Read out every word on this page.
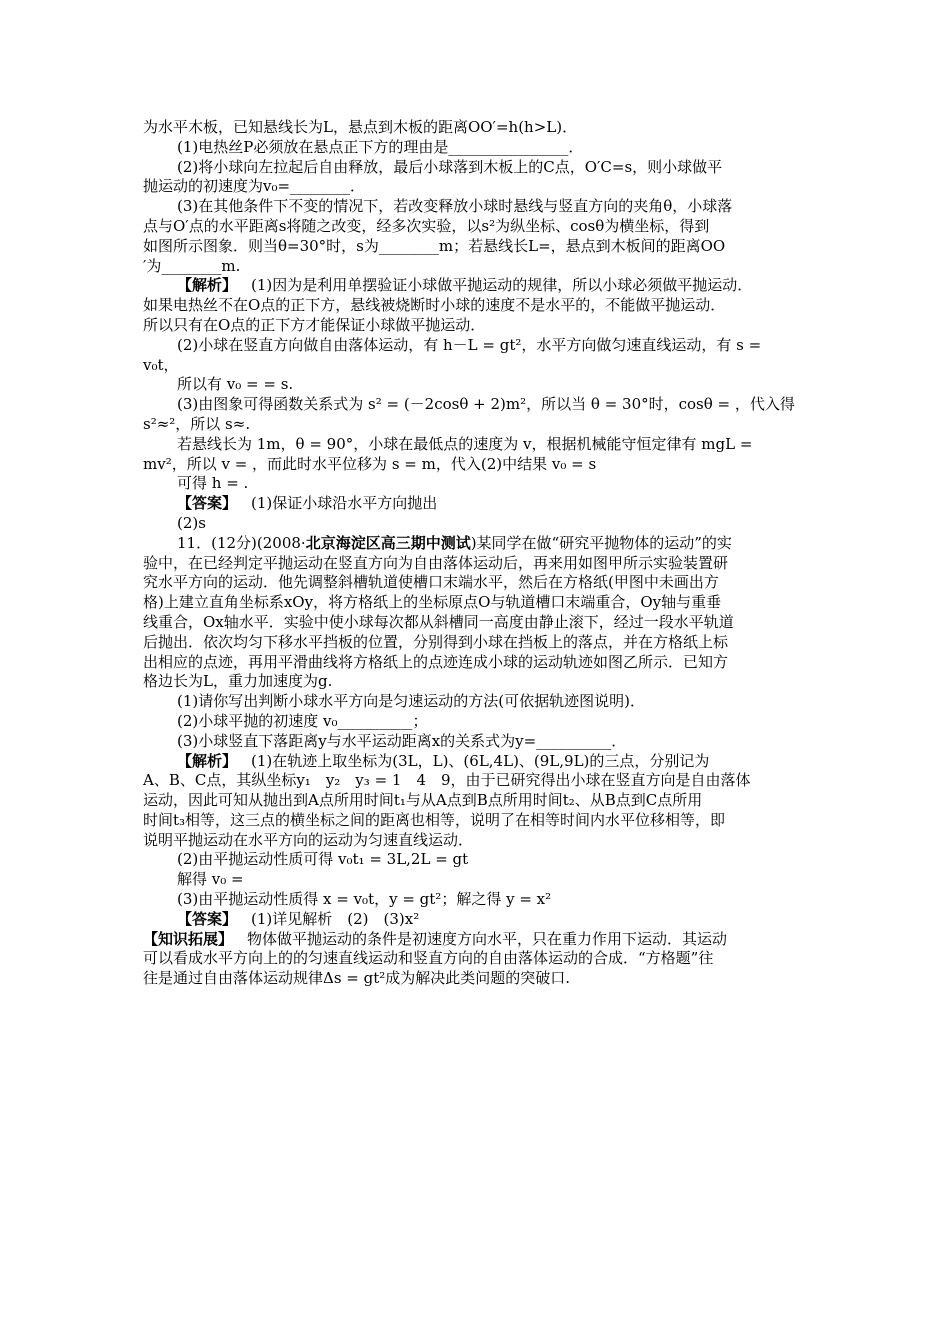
为水平木板，已知悬线长为L，悬点到木板的距离OO′=h(h>L)．

(1)电热丝P必须放在悬点正下方的理由是________________．

(2)将小球向左拉起后自由释放，最后小球落到木板上的C点，O′C=s，则小球做平

抛运动的初速度为v₀=________．

(3)在其他条件下不变的情况下，若改变释放小球时悬线与竖直方向的夹角θ，小球落

点与O′点的水平距离s将随之改变，经多次实验，以s²为纵坐标、cosθ为横坐标，得到

如图所示图象．则当θ=30°时，s为________m；若悬线长L=，悬点到木板间的距离OO

′为________m.

【解析】 (1)因为是利用单摆验证小球做平抛运动的规律，所以小球必须做平抛运动．

如果电热丝不在O点的正下方，悬线被烧断时小球的速度不是水平的，不能做平抛运动．

所以只有在O点的正下方才能保证小球做平抛运动．

(2)小球在竖直方向做自由落体运动，有 h－L = gt²，水平方向做匀速直线运动，有 s =

v₀t，

所以有 v₀ = = s.

(3)由图象可得函数关系式为 s² = (－2cosθ + 2)m²，所以当 θ = 30°时，cosθ = ，代入得

s²≈²，所以 s≈.

若悬线长为 1m，θ = 90°，小球在最低点的速度为 v，根据机械能守恒定律有 mgL =

mv²，所以 v = ，而此时水平位移为 s = m，代入(2)中结果 v₀ = s

可得 h = .

【答案】 (1)保证小球沿水平方向抛出

(2)s

11．(12分)(2008·北京海淀区高三期中测试)某同学在做“研究平抛物体的运动”的实

验中，在已经判定平抛运动在竖直方向为自由落体运动后，再来用如图甲所示实验装置研

究水平方向的运动．他先调整斜槽轨道使槽口末端水平，然后在方格纸(甲图中未画出方

格)上建立直角坐标系xOy，将方格纸上的坐标原点O与轨道槽口末端重合，Oy轴与重垂

线重合，Ox轴水平．实验中使小球每次都从斜槽同一高度由静止滚下，经过一段水平轨道

后抛出．依次均匀下移水平挡板的位置，分别得到小球在挡板上的落点，并在方格纸上标

出相应的点迹，再用平滑曲线将方格纸上的点迹连成小球的运动轨迹如图乙所示．已知方

格边长为L，重力加速度为g.

(1)请你写出判断小球水平方向是匀速运动的方法(可依据轨迹图说明)．

(2)小球平抛的初速度 v₀__________；

(3)小球竖直下落距离y与水平运动距离x的关系式为y=__________．

【解析】 (1)在轨迹上取坐标为(3L，L)、(6L,4L)、(9L,9L)的三点，分别记为

A、B、C点，其纵坐标y₁　y₂　y₃ = 1　4　9，由于已研究得出小球在竖直方向是自由落体

运动，因此可知从抛出到A点所用时间t₁与从A点到B点所用时间t₂、从B点到C点所用

时间t₃相等，这三点的横坐标之间的距离也相等，说明了在相等时间内水平位移相等，即

说明平抛运动在水平方向的运动为匀速直线运动．

(2)由平抛运动性质可得 v₀t₁ = 3L,2L = gt

解得 v₀ =

(3)由平抛运动性质得 x = v₀t，y = gt²；解之得 y = x²

【答案】 (1)详见解析　(2)　(3)x²

【知识拓展】 物体做平抛运动的条件是初速度方向水平，只在重力作用下运动．其运动

可以看成水平方向上的的匀速直线运动和竖直方向的自由落体运动的合成．“方格题”往

往是通过自由落体运动规律Δs = gt²成为解决此类问题的突破口.
